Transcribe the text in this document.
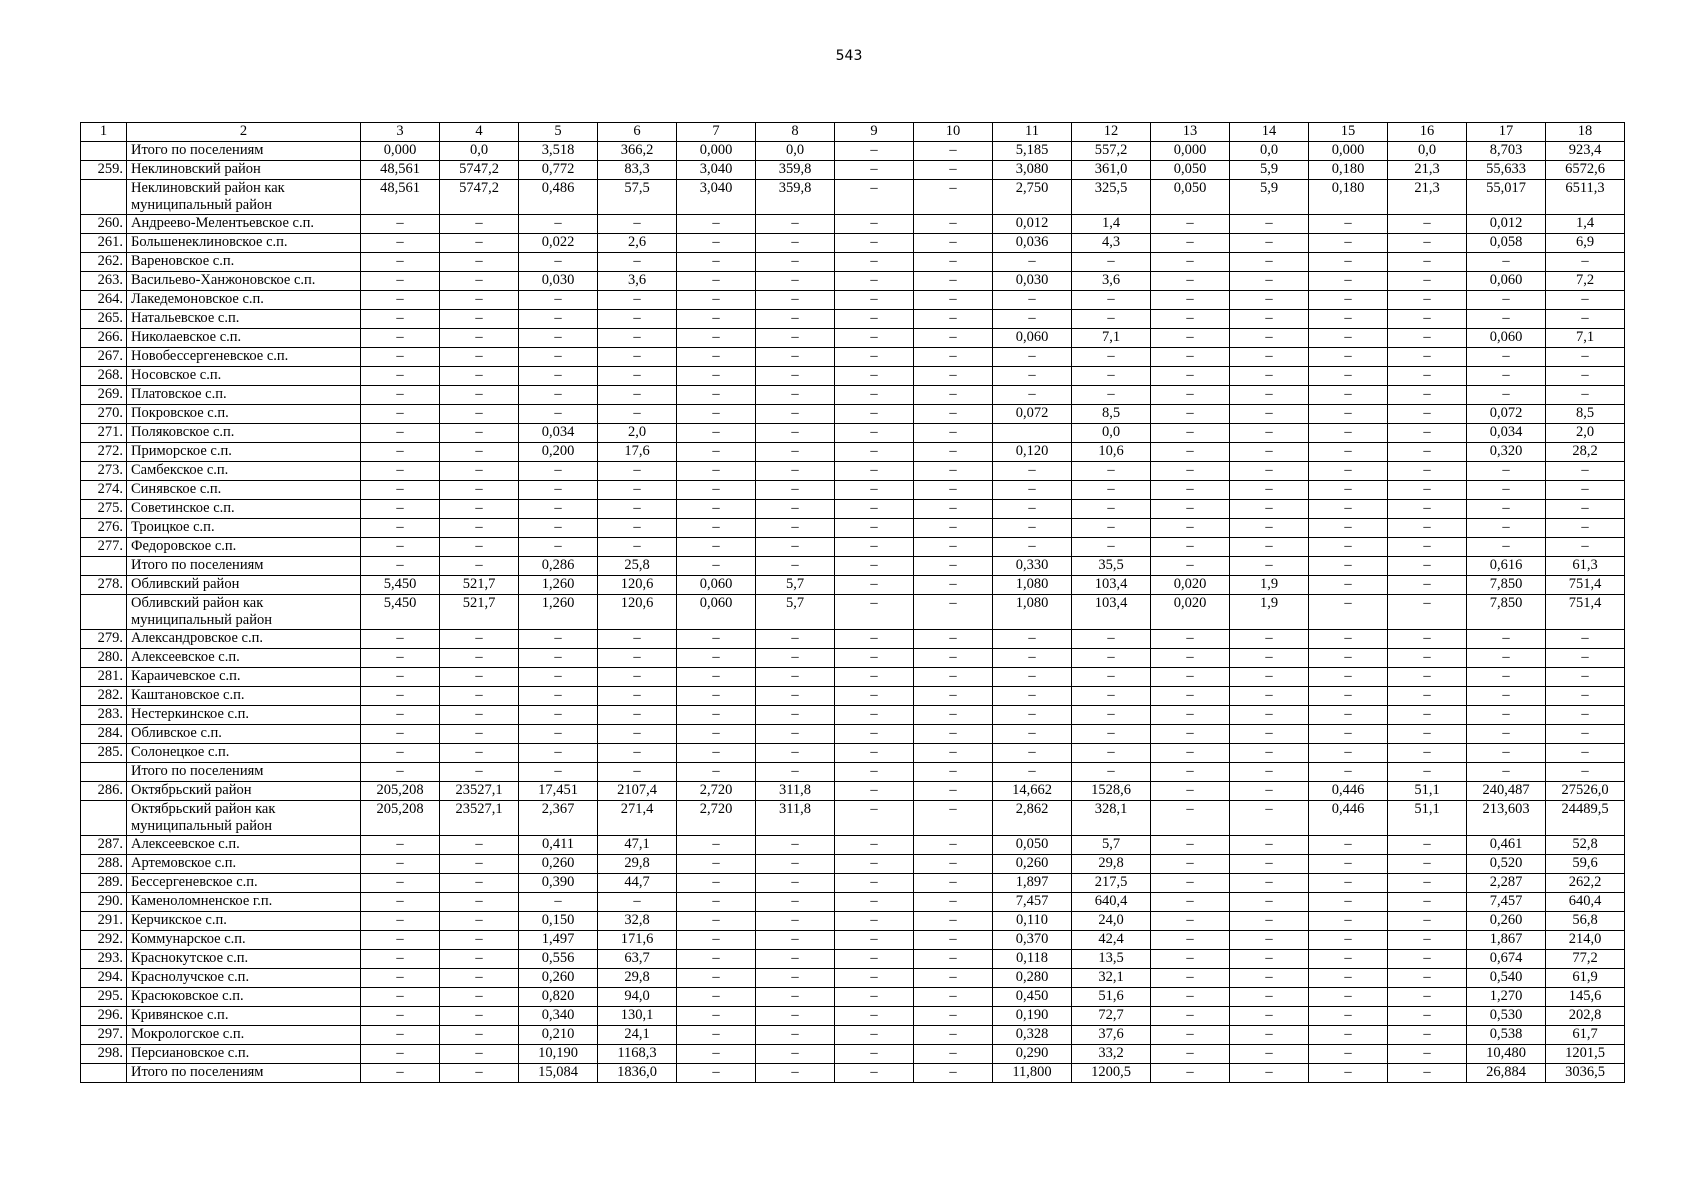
543
1	2	3	4	5	6	7	8	9	10	11	12	13	14	15	16	17	18
	Итого по поселениям	0,000	0,0	3,518	366,2	0,000	0,0	–	–	5,185	557,2	0,000	0,0	0,000	0,0	8,703	923,4
259.	Неклиновский район	48,561	5747,2	0,772	83,3	3,040	359,8	–	–	3,080	361,0	0,050	5,9	0,180	21,3	55,633	6572,6
	Неклиновский район как муниципальный район	48,561	5747,2	0,486	57,5	3,040	359,8	–	–	2,750	325,5	0,050	5,9	0,180	21,3	55,017	6511,3
260.	Андреево-Мелентьевское с.п.	–	–	–	–	–	–	–	–	0,012	1,4	–	–	–	–	0,012	1,4
261.	Большенеклиновское с.п.	–	–	0,022	2,6	–	–	–	–	0,036	4,3	–	–	–	–	0,058	6,9
262.	Вареновское с.п.	–	–	–	–	–	–	–	–	–	–	–	–	–	–	–	–
263.	Васильево-Ханжоновское с.п.	–	–	0,030	3,6	–	–	–	–	0,030	3,6	–	–	–	–	0,060	7,2
264.	Лакедемоновское с.п.	–	–	–	–	–	–	–	–	–	–	–	–	–	–	–	–
265.	Натальевское с.п.	–	–	–	–	–	–	–	–	–	–	–	–	–	–	–	–
266.	Николаевское с.п.	–	–	–	–	–	–	–	–	0,060	7,1	–	–	–	–	0,060	7,1
267.	Новобессергеневское с.п.	–	–	–	–	–	–	–	–	–	–	–	–	–	–	–	–
268.	Носовское с.п.	–	–	–	–	–	–	–	–	–	–	–	–	–	–	–	–
269.	Платовское с.п.	–	–	–	–	–	–	–	–	–	–	–	–	–	–	–	–
270.	Покровское с.п.	–	–	–	–	–	–	–	–	0,072	8,5	–	–	–	–	0,072	8,5
271.	Поляковское с.п.	–	–	0,034	2,0	–	–	–	–		0,0	–	–	–	–	0,034	2,0
272.	Приморское с.п.	–	–	0,200	17,6	–	–	–	–	0,120	10,6	–	–	–	–	0,320	28,2
273.	Самбекское с.п.	–	–	–	–	–	–	–	–	–	–	–	–	–	–	–	–
274.	Синявское с.п.	–	–	–	–	–	–	–	–	–	–	–	–	–	–	–	–
275.	Советинское с.п.	–	–	–	–	–	–	–	–	–	–	–	–	–	–	–	–
276.	Троицкое с.п.	–	–	–	–	–	–	–	–	–	–	–	–	–	–	–	–
277.	Федоровское с.п.	–	–	–	–	–	–	–	–	–	–	–	–	–	–	–	–
	Итого по поселениям	–	–	0,286	25,8	–	–	–	–	0,330	35,5	–	–	–	–	0,616	61,3
278.	Обливский район	5,450	521,7	1,260	120,6	0,060	5,7	–	–	1,080	103,4	0,020	1,9	–	–	7,850	751,4
	Обливский район как муниципальный район	5,450	521,7	1,260	120,6	0,060	5,7	–	–	1,080	103,4	0,020	1,9	–	–	7,850	751,4
279.	Александровское с.п.	–	–	–	–	–	–	–	–	–	–	–	–	–	–	–	–
280.	Алексеевское с.п.	–	–	–	–	–	–	–	–	–	–	–	–	–	–	–	–
281.	Караичевское с.п.	–	–	–	–	–	–	–	–	–	–	–	–	–	–	–	–
282.	Каштановское с.п.	–	–	–	–	–	–	–	–	–	–	–	–	–	–	–	–
283.	Нестеркинское с.п.	–	–	–	–	–	–	–	–	–	–	–	–	–	–	–	–
284.	Обливское с.п.	–	–	–	–	–	–	–	–	–	–	–	–	–	–	–	–
285.	Солонецкое с.п.	–	–	–	–	–	–	–	–	–	–	–	–	–	–	–	–
	Итого по поселениям	–	–	–	–	–	–	–	–	–	–	–	–	–	–	–	–
286.	Октябрьский район	205,208	23527,1	17,451	2107,4	2,720	311,8	–	–	14,662	1528,6	–	–	0,446	51,1	240,487	27526,0
	Октябрьский район как муниципальный район	205,208	23527,1	2,367	271,4	2,720	311,8	–	–	2,862	328,1	–	–	0,446	51,1	213,603	24489,5
287.	Алексеевское с.п.	–	–	0,411	47,1	–	–	–	–	0,050	5,7	–	–	–	–	0,461	52,8
288.	Артемовское с.п.	–	–	0,260	29,8	–	–	–	–	0,260	29,8	–	–	–	–	0,520	59,6
289.	Бессергеневское с.п.	–	–	0,390	44,7	–	–	–	–	1,897	217,5	–	–	–	–	2,287	262,2
290.	Каменоломненское г.п.	–	–	–	–	–	–	–	–	7,457	640,4	–	–	–	–	7,457	640,4
291.	Керчикское с.п.	–	–	0,150	32,8	–	–	–	–	0,110	24,0	–	–	–	–	0,260	56,8
292.	Коммунарское с.п.	–	–	1,497	171,6	–	–	–	–	0,370	42,4	–	–	–	–	1,867	214,0
293.	Краснокутское с.п.	–	–	0,556	63,7	–	–	–	–	0,118	13,5	–	–	–	–	0,674	77,2
294.	Краснолучское с.п.	–	–	0,260	29,8	–	–	–	–	0,280	32,1	–	–	–	–	0,540	61,9
295.	Красюковское с.п.	–	–	0,820	94,0	–	–	–	–	0,450	51,6	–	–	–	–	1,270	145,6
296.	Кривянское с.п.	–	–	0,340	130,1	–	–	–	–	0,190	72,7	–	–	–	–	0,530	202,8
297.	Мокрологское с.п.	–	–	0,210	24,1	–	–	–	–	0,328	37,6	–	–	–	–	0,538	61,7
298.	Персиановское с.п.	–	–	10,190	1168,3	–	–	–	–	0,290	33,2	–	–	–	–	10,480	1201,5
	Итого по поселениям	–	–	15,084	1836,0	–	–	–	–	11,800	1200,5	–	–	–	–	26,884	3036,5
